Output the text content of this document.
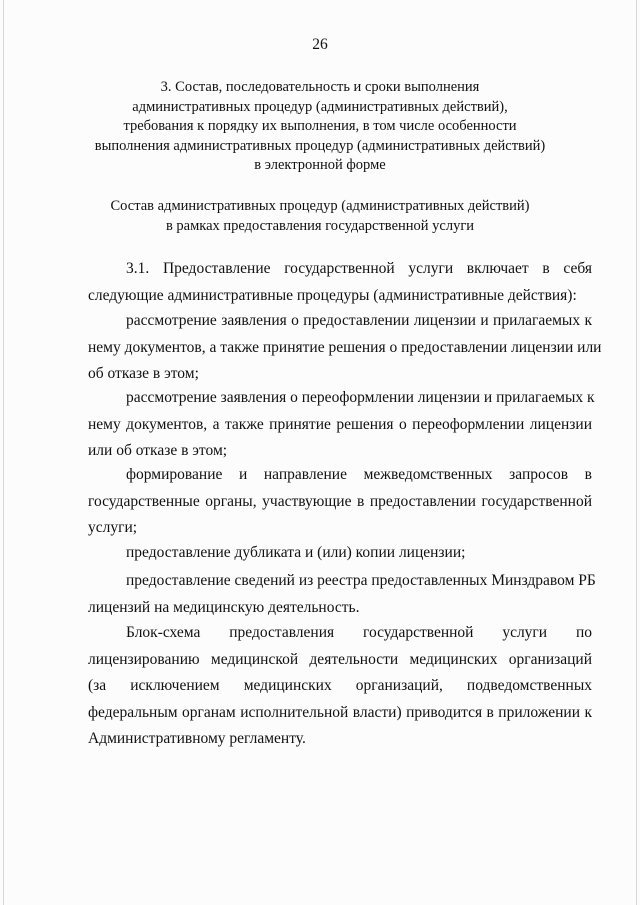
26
3. Состав, последовательность и сроки выполнения
административных процедур (административных действий),
требования к порядку их выполнения, в том числе особенности
выполнения административных процедур (административных действий)
в электронной форме
Состав административных процедур (административных действий)
в рамках предоставления государственной услуги
3.1. Предоставление государственной услуги включает в себя
следующие административные процедуры (административные действия):
рассмотрение заявления о предоставлении лицензии и прилагаемых к
нему документов, а также принятие решения о предоставлении лицензии или
об отказе в этом;
рассмотрение заявления о переоформлении лицензии и прилагаемых к
нему документов, а также принятие решения о переоформлении лицензии
или об отказе в этом;
формирование и направление межведомственных запросов в
государственные органы, участвующие в предоставлении государственной
услуги;
предоставление дубликата и (или) копии лицензии;
предоставление сведений из реестра предоставленных Минздравом РБ
лицензий на медицинскую деятельность.
Блок-схема предоставления государственной услуги по
лицензированию медицинской деятельности медицинских организаций
(за исключением медицинских организаций, подведомственных
федеральным органам исполнительной власти) приводится в приложении к
Административному регламенту.
